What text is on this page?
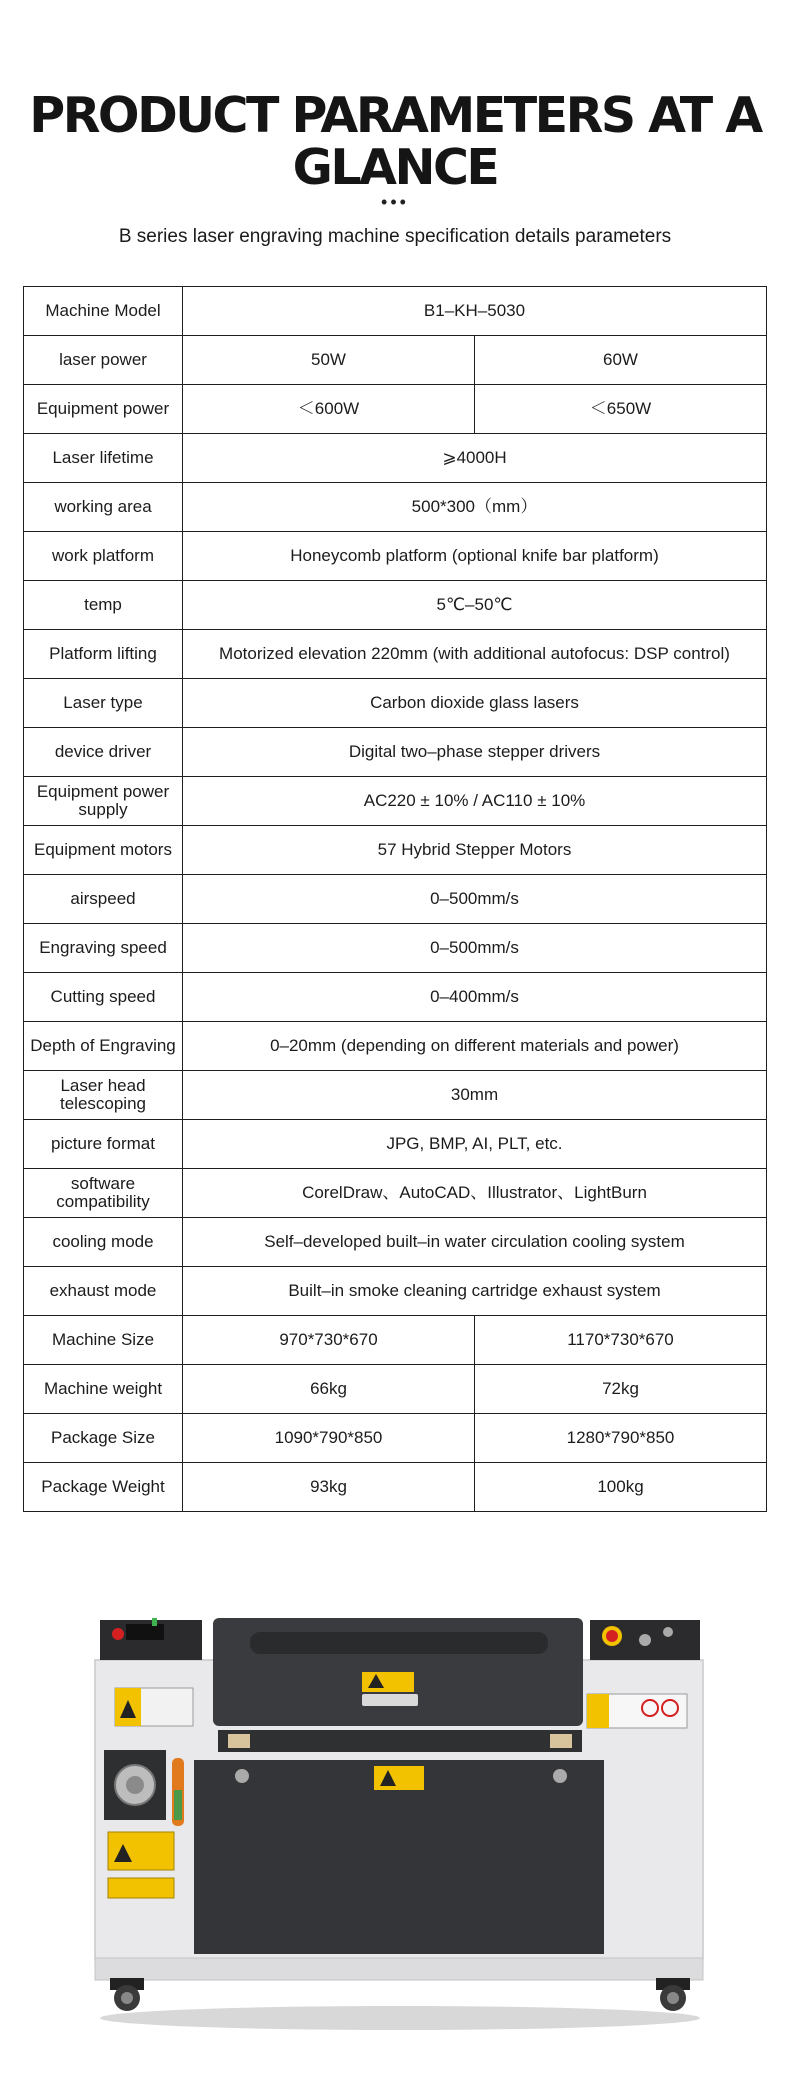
PRODUCT PARAMETERS AT A
GLANCE
•••
B series laser engraving machine specification details parameters
Machine Model	B1–KH–5030	
laser power	50W	60W
Equipment power	＜600W	＜650W
Laser lifetime	⩾4000H	
working area	500*300（mm）	
work platform	Honeycomb platform (optional knife bar platform)	
temp	5℃–50℃	
Platform lifting	Motorized elevation 220mm (with additional autofocus: DSP control)	
Laser type	Carbon dioxide glass lasers	
device driver	Digital two–phase stepper drivers	
Equipment power supply	AC220 ± 10% / AC110 ± 10%	
Equipment motors	57 Hybrid Stepper Motors	
airspeed	0–500mm/s	
Engraving speed	0–500mm/s	
Cutting speed	0–400mm/s	
Depth of Engraving	0–20mm (depending on different materials and power)	
Laser head telescoping	30mm	
picture format	JPG, BMP, AI, PLT, etc.	
software compatibility	CorelDraw、AutoCAD、Illustrator、LightBurn	
cooling mode	Self–developed built–in water circulation cooling system	
exhaust mode	Built–in smoke cleaning cartridge exhaust system	
Machine Size	970*730*670	1170*730*670
Machine weight	66kg	72kg
Package Size	1090*790*850	1280*790*850
Package Weight	93kg	100kg
